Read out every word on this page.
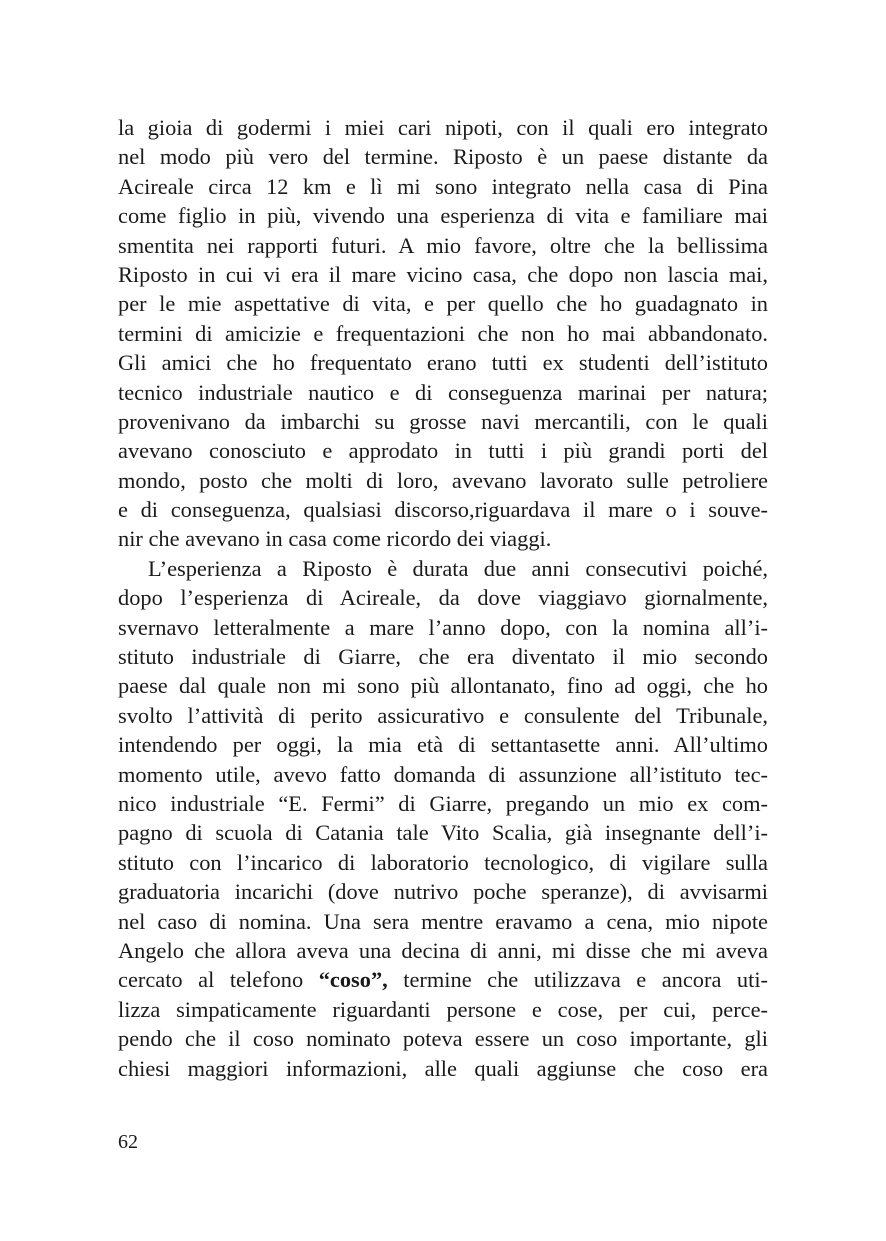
la gioia di godermi i miei cari nipoti, con il quali ero integrato
nel modo più vero del termine. Riposto è un paese distante da
Acireale circa 12 km e lì mi sono integrato nella casa di Pina
come figlio in più, vivendo una esperienza di vita e familiare mai
smentita nei rapporti futuri. A mio favore, oltre che la bellissima
Riposto in cui vi era il mare vicino casa, che dopo non lascia mai,
per le mie aspettative di vita, e per quello che ho guadagnato in
termini di amicizie e frequentazioni che non ho mai abbandonato.
Gli amici che ho frequentato erano tutti ex studenti dell’istituto
tecnico industriale nautico e di conseguenza marinai per natura;
provenivano da imbarchi su grosse navi mercantili, con le quali
avevano conosciuto e approdato in tutti i più grandi porti del
mondo, posto che molti di loro, avevano lavorato sulle petroliere
e di conseguenza, qualsiasi discorso,riguardava il mare o i souve-
nir che avevano in casa come ricordo dei viaggi.
L’esperienza a Riposto è durata due anni consecutivi poiché,
dopo l’esperienza di Acireale, da dove viaggiavo giornalmente,
svernavo letteralmente a mare l’anno dopo, con la nomina all’i-
stituto industriale di Giarre, che era diventato il mio secondo
paese dal quale non mi sono più allontanato, fino ad oggi, che ho
svolto l’attività di perito assicurativo e consulente del Tribunale,
intendendo per oggi, la mia età di settantasette anni. All’ultimo
momento utile, avevo fatto domanda di assunzione all’istituto tec-
nico industriale “E. Fermi” di Giarre, pregando un mio ex com-
pagno di scuola di Catania tale Vito Scalia, già insegnante dell’i-
stituto con l’incarico di laboratorio tecnologico, di vigilare sulla
graduatoria incarichi (dove nutrivo poche speranze), di avvisarmi
nel caso di nomina. Una sera mentre eravamo a cena, mio nipote
Angelo che allora aveva una decina di anni, mi disse che mi aveva
cercato al telefono “coso”, termine che utilizzava e ancora uti-
lizza simpaticamente riguardanti persone e cose, per cui, perce-
pendo che il coso nominato poteva essere un coso importante, gli
chiesi maggiori informazioni, alle quali aggiunse che coso era
62
